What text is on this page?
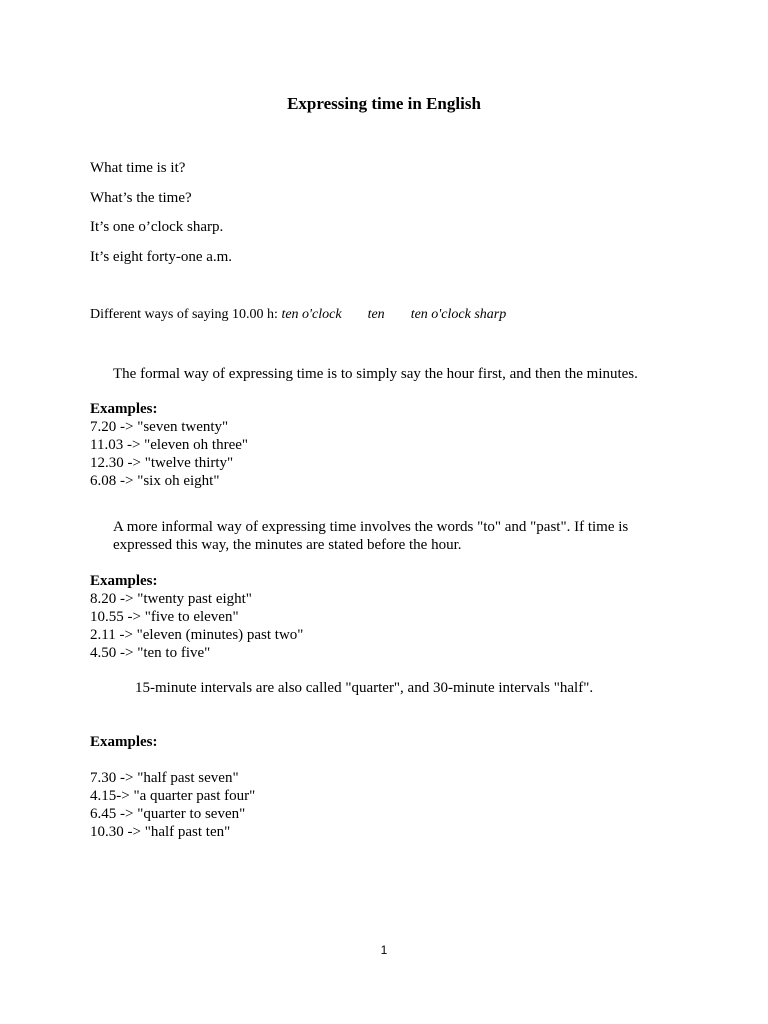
Expressing time in English
What time is it?
What’s the time?
It’s one o’clock sharp.
It’s eight forty-one a.m.
Different ways of saying 10.00 h: ten o'clock ten ten o'clock sharp
The formal way of expressing time is to simply say the hour first, and then the minutes.
Examples:
7.20 -> "seven twenty"
11.03 -> "eleven oh three"
12.30 -> "twelve thirty"
6.08 -> "six oh eight"
A more informal way of expressing time involves the words "to" and "past". If time is expressed this way, the minutes are stated before the hour.
Examples:
8.20 -> "twenty past eight"
10.55 -> "five to eleven"
2.11 -> "eleven (minutes) past two"
4.50 -> "ten to five"
15-minute intervals are also called "quarter", and 30-minute intervals "half".
Examples:
7.30 -> "half past seven"
4.15-> "a quarter past four"
6.45 -> "quarter to seven"
10.30 -> "half past ten"
1
